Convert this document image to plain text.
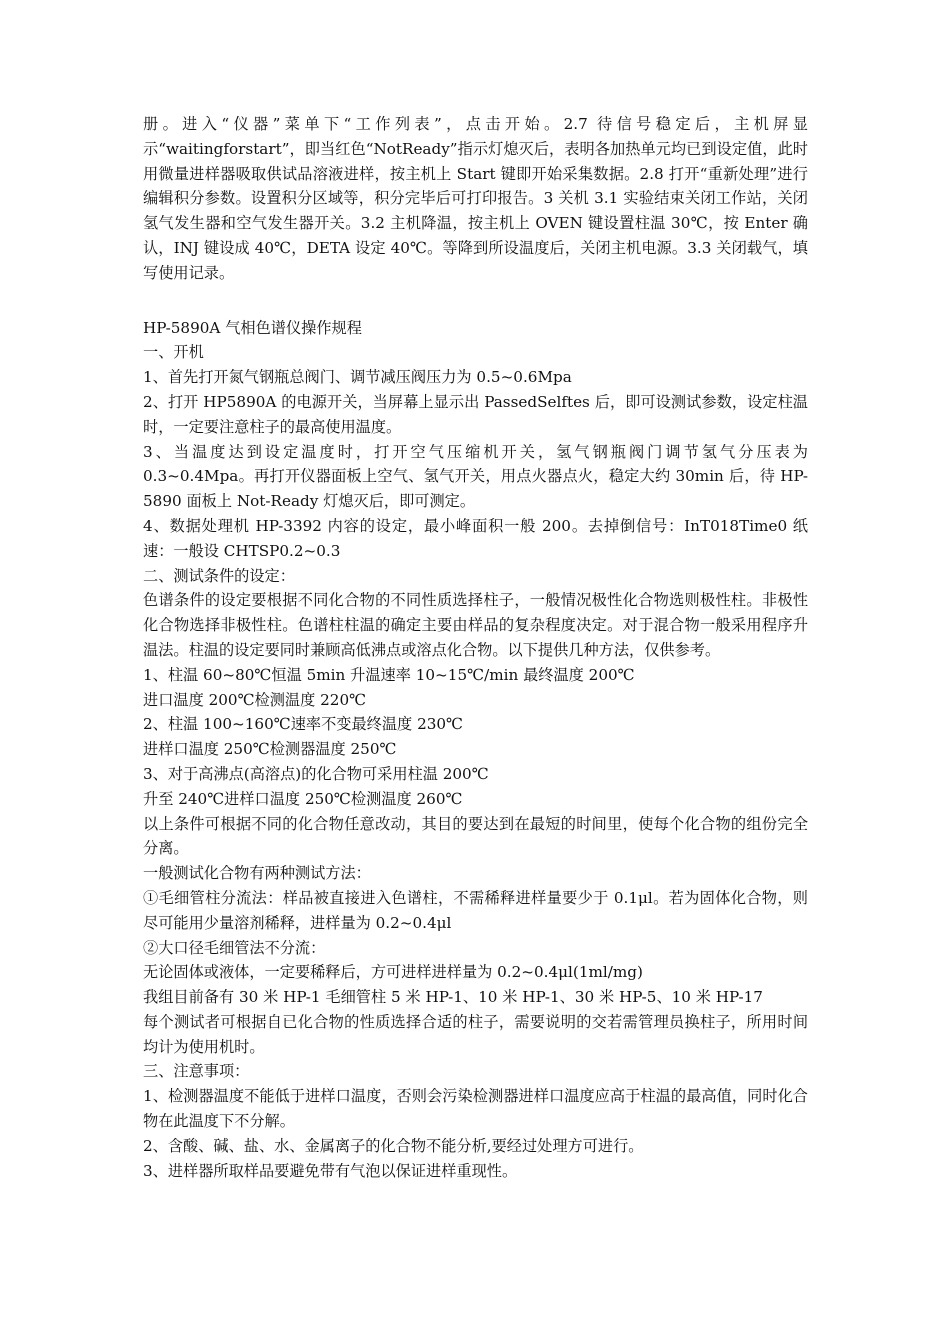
册。进入“仪器”菜单下“工作列表”，点击开始。2.7 待信号稳定后，主机屏显示“waitingforstart”，即当红色“NotReady”指示灯熄灭后，表明各加热单元均已到设定值，此时用微量进样器吸取供试品溶液进样，按主机上 Start 键即开始采集数据。2.8 打开“重新处理”进行编辑积分参数。设置积分区域等，积分完毕后可打印报告。3 关机 3.1 实验结束关闭工作站，关闭氢气发生器和空气发生器开关。3.2 主机降温，按主机上 OVEN 键设置柱温 30℃，按 Enter 确认，INJ 键设成 40℃，DETA 设定 40℃。等降到所设温度后，关闭主机电源。3.3 关闭载气，填写使用记录。

HP-5890A 气相色谱仪操作规程

一、开机

1、首先打开氮气钢瓶总阀门、调节减压阀压力为 0.5~0.6Mpa

2、打开 HP5890A 的电源开关，当屏幕上显示出 PassedSelftes 后，即可设测试参数，设定柱温时，一定要注意柱子的最高使用温度。

3、当温度达到设定温度时，打开空气压缩机开关，氢气钢瓶阀门调节氢气分压表为 0.3~0.4Mpa。再打开仪器面板上空气、氢气开关，用点火器点火，稳定大约 30min 后，待 HP-5890 面板上 Not-Ready 灯熄灭后，即可测定。

4、数据处理机 HP-3392 内容的设定，最小峰面积一般 200。去掉倒信号：InT018Time0 纸速：一般设 CHTSP0.2~0.3

二、测试条件的设定：

色谱条件的设定要根据不同化合物的不同性质选择柱子，一般情况极性化合物选则极性柱。非极性化合物选择非极性柱。色谱柱柱温的确定主要由样品的复杂程度决定。对于混合物一般采用程序升温法。柱温的设定要同时兼顾高低沸点或溶点化合物。以下提供几种方法，仅供参考。

1、柱温 60~80℃恒温 5min 升温速率 10~15℃/min 最终温度 200℃

进口温度 200℃检测温度 220℃

2、柱温 100~160℃速率不变最终温度 230℃

进样口温度 250℃检测器温度 250℃

3、对于高沸点(高溶点)的化合物可采用柱温 200℃

升至 240℃进样口温度 250℃检测温度 260℃

以上条件可根据不同的化合物任意改动，其目的要达到在最短的时间里，使每个化合物的组份完全分离。

一般测试化合物有两种测试方法：

①毛细管柱分流法：样品被直接进入色谱柱，不需稀释进样量要少于 0.1μl。若为固体化合物，则尽可能用少量溶剂稀释，进样量为 0.2~0.4μl

②大口径毛细管法不分流：

无论固体或液体，一定要稀释后，方可进样进样量为 0.2~0.4μl(1ml/mg)

我组目前备有 30 米 HP-1 毛细管柱 5 米 HP-1、10 米 HP-1、30 米 HP-5、10 米 HP-17

每个测试者可根据自已化合物的性质选择合适的柱子，需要说明的交若需管理员换柱子，所用时间均计为使用机时。

三、注意事项：

1、检测器温度不能低于进样口温度，否则会污染检测器进样口温度应高于柱温的最高值，同时化合物在此温度下不分解。

2、含酸、碱、盐、水、金属离子的化合物不能分析,要经过处理方可进行。

3、进样器所取样品要避免带有气泡以保证进样重现性。
